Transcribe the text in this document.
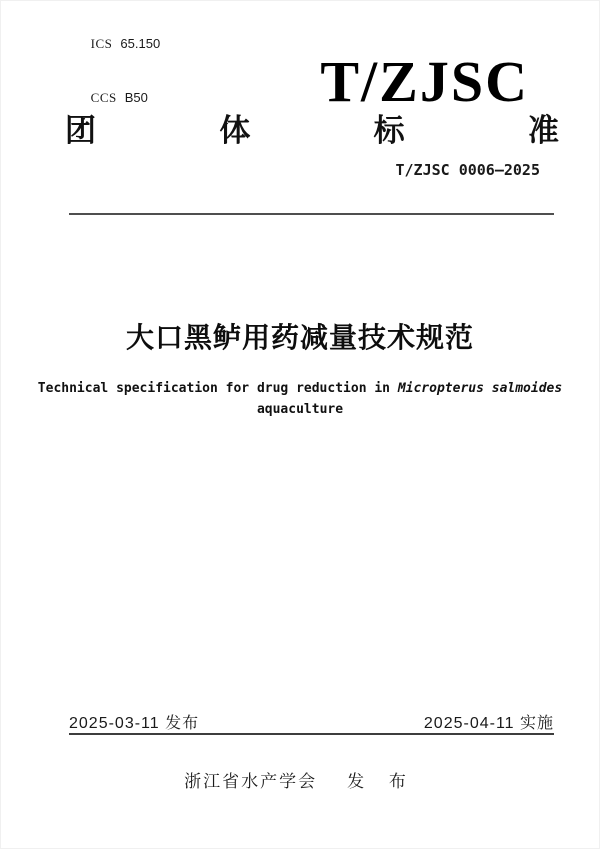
ICS 65.150

CCS B50
	T/ZJSC
团	体	标	准
T/ZJSC 0006—2025
大口黑鲈用药减量技术规范
Technical specification for drug reduction in Micropterus salmoides
aquaculture
2025-03-11 发布	2025-04-11 实施
浙江省水产学会 发 布
